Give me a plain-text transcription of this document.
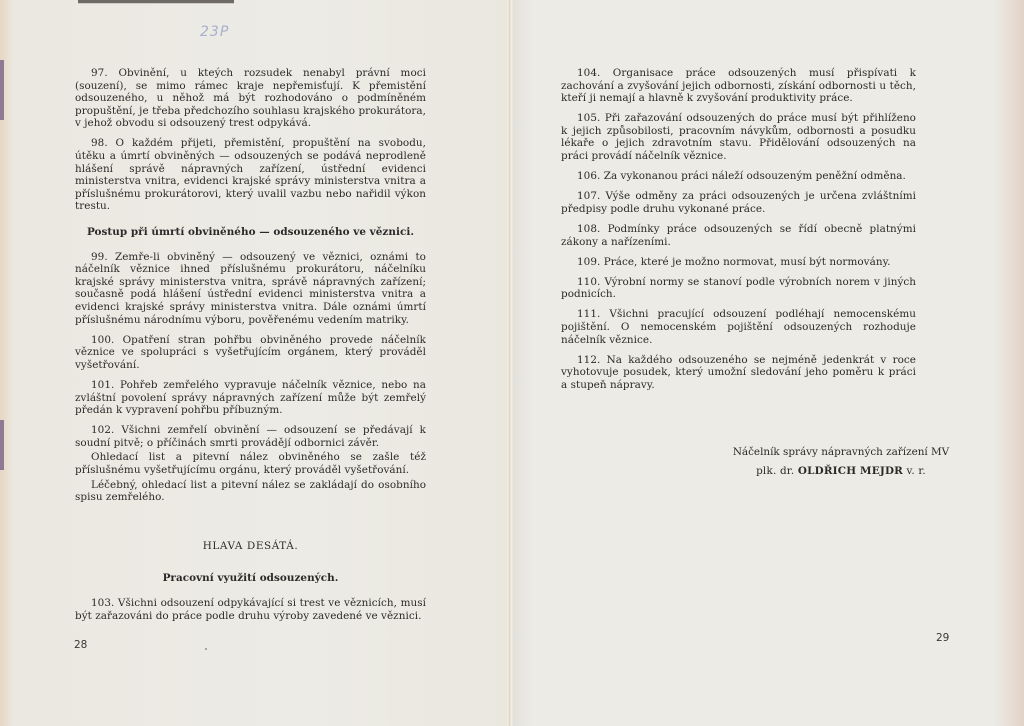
23P

97. Obvinění, u kteých rozsudek nenabyl právní moci (souzení), se mimo rámec kraje nepřemisťují. K přemistění odsouzeného, u něhož má být rozhodováno o podmíněném propuštění, je třeba předchozího souhlasu krajského prokurátora, v jehož obvodu si odsouzený trest odpykává.

98. O každém přijeti, přemistění, propuštění na svobodu, útěku a úmrtí obviněných — odsouzených se podává neprodleně hlášení správě nápravných zařízení, ústřední evidenci ministerstva vnitra, evidenci krajské správy ministerstva vnitra a příslušnému prokurátorovi, který uvalil vazbu nebo nařidil výkon trestu.

Postup při úmrtí obviněného — odsouzeného ve věznici.

99. Zemře-li obviněný — odsouzený ve věznici, oznámi to náčelník věznice ihned příslušnému prokurátoru, náčelníku krajské správy ministerstva vnitra, správě nápravných zařízení; současně podá hlášení ústřední evidenci ministerstva vnitra a evidenci krajské správy ministerstva vnitra. Dále oznámi úmrtí příslušnému národnímu výboru, pověřenému vedením matriky.

100. Opatření stran pohřbu obviněného provede náčelník věznice ve spolupráci s vyšetřujícím orgánem, který prováděl vyšetřování.

101. Pohřeb zemřelého vypravuje náčelník věznice, nebo na zvláštní povolení správy nápravných zařízení může být zemřelý předán k vypravení pohřbu příbuzným.

102. Všichni zemřelí obvinění — odsouzení se předávají k soudní pitvě; o příčinách smrti provádějí odbornici závěr.

Ohledací list a pitevní nález obviněného se zašle též příslušnému vyšetřujícímu orgánu, který prováděl vyšetřování.

Léčebný, ohledací list a pitevní nález se zakládají do osobního spisu zemřelého.

HLAVA DESÁTÁ.

Pracovní využití odsouzených.

103. Všichni odsouzení odpykávající si trest ve věznicích, musí být zařazováni do práce podle druhu výroby zavedené ve věznici.

28

104. Organisace práce odsouzených musí přispívati k zachování a zvyšování jejich odbornosti, získání odbornosti u těch, kteří ji nemají a hlavně k zvyšování produktivity práce.

105. Při zařazování odsouzených do práce musí být přihlíženo k jejich způsobilosti, pracovním návykům, odbornosti a posudku lékaře o jejich zdravotním stavu. Přidělování odsouzených na práci provádí náčelník věznice.

106. Za vykonanou práci náleží odsouzeným peněžní odměna.

107. Výše odměny za práci odsouzených je určena zvláštními předpisy podle druhu vykonané práce.

108. Podmínky práce odsouzených se řídí obecně platnými zákony a nařízeními.

109. Práce, které je možno normovat, musí být normovány.

110. Výrobní normy se stanoví podle výrobních norem v jiných podnicích.

111. Všichni pracující odsouzení podléhají nemocenskému pojištění. O nemocenském pojištění odsouzených rozhoduje náčelník věznice.

112. Na každého odsouzeného se nejméně jedenkrát v roce vyhotovuje posudek, který umožní sledování jeho poměru k práci a stupeň nápravy.

Náčelník správy nápravných zařízení MV
plk. dr. OLDŘICH MEJDR v. r.
29
